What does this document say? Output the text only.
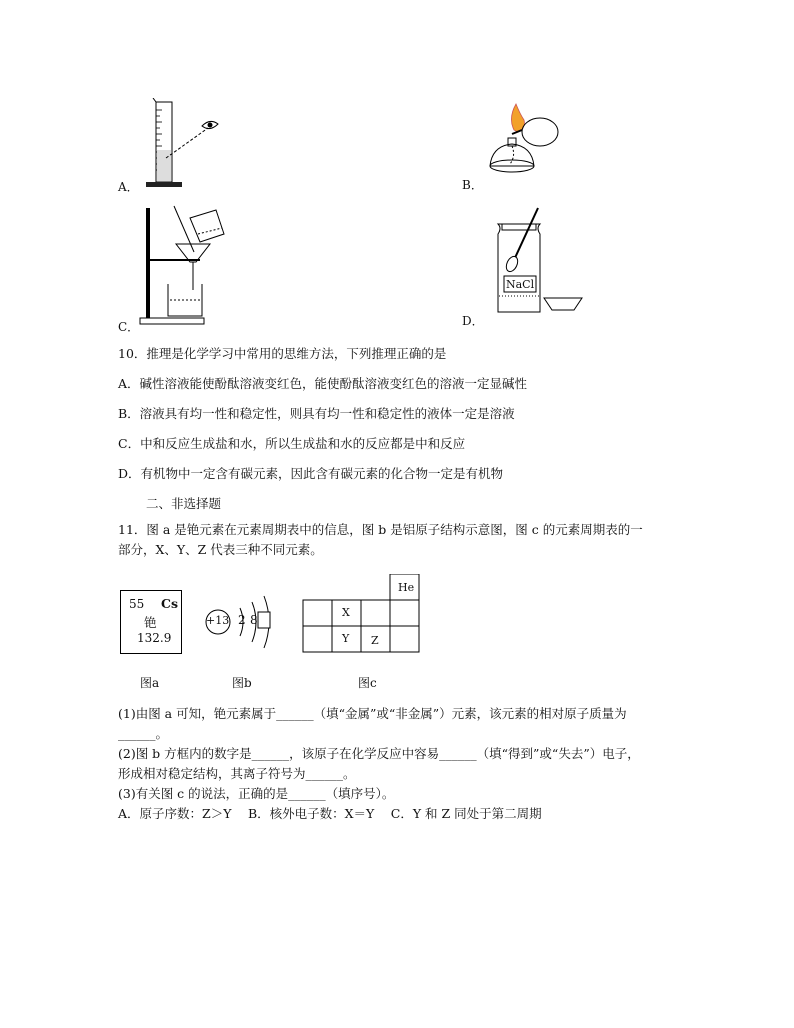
A．	B．
C．	D．
NaCl
10．推理是化学学习中常用的思维方法，下列推理正确的是
A．碱性溶液能使酚酞溶液变红色，能使酚酞溶液变红色的溶液一定显碱性
B．溶液具有均一性和稳定性，则具有均一性和稳定性的液体一定是溶液
C．中和反应生成盐和水，所以生成盐和水的反应都是中和反应
D．有机物中一定含有碳元素，因此含有碳元素的化合物一定是有机物
二、非选择题
11．图 a 是铯元素在元素周期表中的信息，图 b 是铝原子结构示意图，图 c 的元素周期表的一
部分，X、Y、Z 代表三种不同元素。
55 Cs
铯
132.9
图a
+13 2 8
图b
He
X
Y Z
图c
(1)由图 a 可知，铯元素属于______（填“金属”或“非金属”）元素，该元素的相对原子质量为
______。
(2)图 b 方框内的数字是______，该原子在化学反应中容易______（填“得到”或“失去”）电子，
形成相对稳定结构，其离子符号为______。
(3)有关图 c 的说法，正确的是______（填序号）。
A．原子序数：Z＞Y　 B．核外电子数：X＝Y　 C．Y 和 Z 同处于第二周期
